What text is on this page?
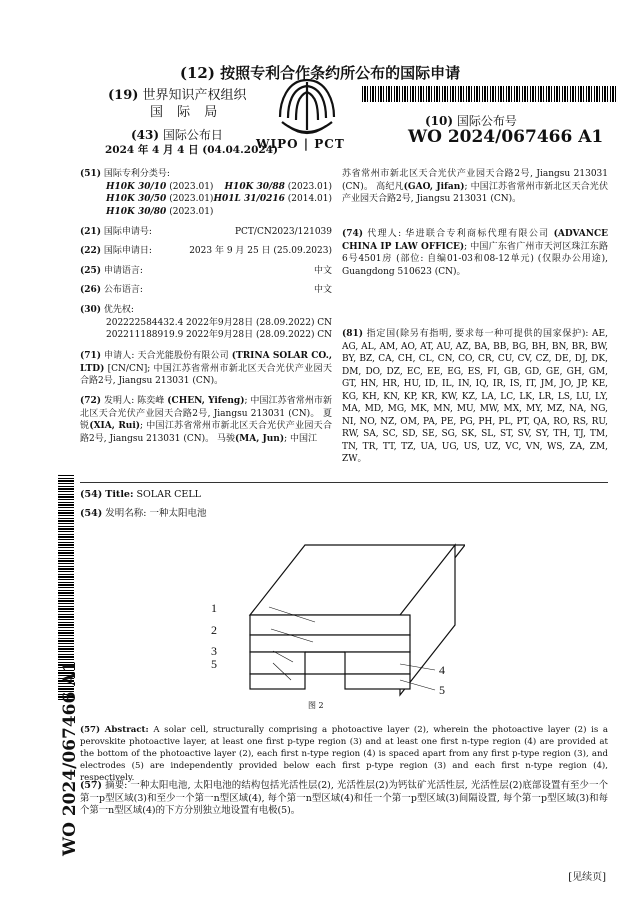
(12) 按照专利合作条约所公布的国际申请
(19) 世界知识产权组织
国 际 局
(43) 国际公布日
2024 年 4 月 4 日 (04.04.2024)
WIPO | PCT
(10) 国际公布号
WO 2024/067466 A1
(51) 国际专利分类号:
H10K 30/10 (2023.01) H10K 30/88 (2023.01)
H10K 30/50 (2023.01) H01L 31/0216 (2014.01)
H10K 30/80 (2023.01)
(21) 国际申请号:	PCT/CN2023/121039
(22) 国际申请日:	2023 年 9 月 25 日 (25.09.2023)
(25) 申请语言:	中文
(26) 公布语言:	中文
(30) 优先权:
202222584432.4 2022年9月28日 (28.09.2022) CN
202211188919.9 2022年9月28日 (28.09.2022) CN
(71) 申请人: 天合光能股份有限公司 (TRINA SOLAR CO., LTD) [CN/CN]; 中国江苏省常州市新北区天合光伏产业园天合路2号, Jiangsu 213031 (CN)。
(72) 发明人: 陈奕峰 (CHEN, Yifeng); 中国江苏省常州市新北区天合光伏产业园天合路2号, Jiangsu 213031 (CN)。 夏锐(XIA, Rui); 中国江苏省常州市新北区天合光伏产业园天合路2号, Jiangsu 213031 (CN)。 马骏(MA, Jun); 中国江
苏省常州市新北区天合光伏产业园天合路2号, Jiangsu 213031 (CN)。 高纪凡(GAO, Jifan); 中国江苏省常州市新北区天合光伏产业园天合路2号, Jiangsu 213031 (CN)。
(74) 代理人: 华进联合专利商标代理有限公司 (ADVANCE CHINA IP LAW OFFICE); 中国广东省广州市天河区珠江东路6号4501房 (部位: 自编01-03和08-12单元) (仅限办公用途), Guangdong 510623 (CN)。
(81) 指定国(除另有指明, 要求每一种可提供的国家保护): AE, AG, AL, AM, AO, AT, AU, AZ, BA, BB, BG, BH, BN, BR, BW, BY, BZ, CA, CH, CL, CN, CO, CR, CU, CV, CZ, DE, DJ, DK, DM, DO, DZ, EC, EE, EG, ES, FI, GB, GD, GE, GH, GM, GT, HN, HR, HU, ID, IL, IN, IQ, IR, IS, IT, JM, JO, JP, KE, KG, KH, KN, KP, KR, KW, KZ, LA, LC, LK, LR, LS, LU, LY, MA, MD, MG, MK, MN, MU, MW, MX, MY, MZ, NA, NG, NI, NO, NZ, OM, PA, PE, PG, PH, PL, PT, QA, RO, RS, RU, RW, SA, SC, SD, SE, SG, SK, SL, ST, SV, SY, TH, TJ, TM, TN, TR, TT, TZ, UA, UG, US, UZ, VC, VN, WS, ZA, ZM, ZW。
(54) Title: SOLAR CELL
(54) 发明名称: 一种太阳电池
1
2
3
5	4
5
图 2
(57) Abstract: A solar cell, structurally comprising a photoactive layer (2), wherein the photoactive layer (2) is a perovskite photoactive layer, at least one first p-type region (3) and at least one first n-type region (4) are provided at the bottom of the photoactive layer (2), each first n-type region (4) is spaced apart from any first p-type region (3), and electrodes (5) are independently provided below each first p-type region (3) and each first n-type region (4), respectively.
(57) 摘要: 一种太阳电池, 太阳电池的结构包括光活性层(2), 光活性层(2)为钙钛矿光活性层, 光活性层(2)底部设置有至少一个第一p型区域(3)和至少一个第一n型区域(4), 每个第一n型区域(4)和任一个第一p型区域(3)间隔设置, 每个第一p型区域(3)和每个第一n型区域(4)的下方分别独立地设置有电极(5)。
WO 2024/067466 A1
[见续页]
